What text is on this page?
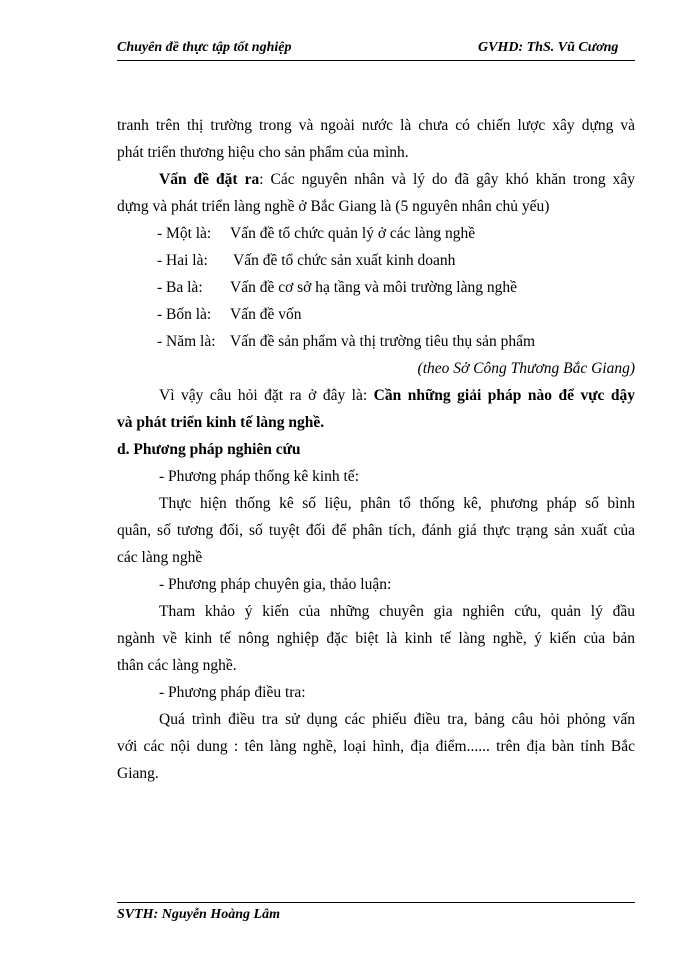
Chuyên đề thực tập tốt nghiệp	GVHD: ThS. Vũ Cương
tranh trên thị trường trong và ngoài nước là chưa có chiến lược xây dựng và
phát triển thương hiệu cho sản phẩm của mình.
Vấn đề đặt ra: Các nguyên nhân và lý do đã gây khó khăn trong xây
dựng và phát triển làng nghề ở Bắc Giang là (5 nguyên nhân chủ yếu)
- Một là: Vấn đề tổ chức quản lý ở các làng nghề
- Hai là: Vấn đề tổ chức sản xuất kinh doanh
- Ba là: Vấn đề cơ sở hạ tầng và môi trường làng nghề
- Bốn là: Vấn đề vốn
- Năm là: Vấn đề sản phẩm và thị trường tiêu thụ sản phẩm
(theo Sở Công Thương Bắc Giang)
Vì vậy câu hỏi đặt ra ở đây là: Cần những giải pháp nào để vực dậy
và phát triển kinh tế làng nghề.
d. Phương pháp nghiên cứu
- Phương pháp thống kê kinh tế:
Thực hiện thống kê số liệu, phân tổ thống kê, phương pháp số bình
quân, số tương đối, số tuyệt đối để phân tích, đánh giá thực trạng sản xuất của
các làng nghề
- Phương pháp chuyên gia, thảo luận:
Tham khảo ý kiến của những chuyên gia nghiên cứu, quản lý đầu
ngành về kinh tế nông nghiệp đặc biệt là kinh tế làng nghề, ý kiến của bản
thân các làng nghề.
- Phương pháp điều tra:
Quá trình điều tra sử dụng các phiếu điều tra, bảng câu hỏi phỏng vấn
với các nội dung : tên làng nghề, loại hình, địa điểm...... trên địa bàn tỉnh Bắc
Giang.
SVTH: Nguyễn Hoàng Lâm
